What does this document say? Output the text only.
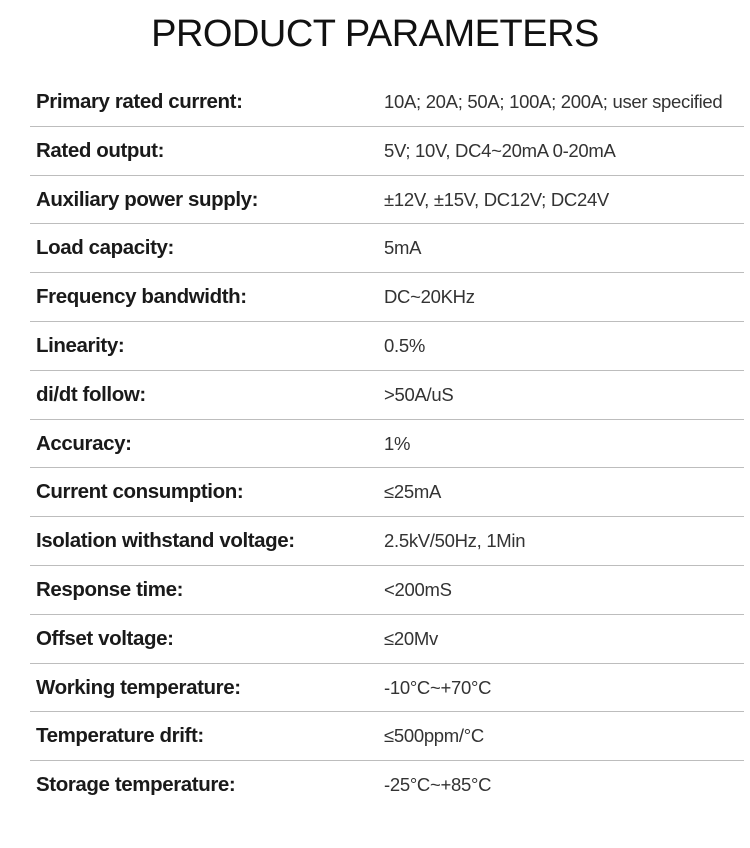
PRODUCT PARAMETERS
Primary rated current:	10A; 20A; 50A; 100A; 200A; user specified
Rated output:	5V; 10V, DC4~20mA 0-20mA
Auxiliary power supply:	±12V, ±15V, DC12V; DC24V
Load capacity:	5mA
Frequency bandwidth:	DC~20KHz
Linearity:	0.5%
di/dt follow:	>50A/uS
Accuracy:	1%
Current consumption:	≤25mA
Isolation withstand voltage:	2.5kV/50Hz, 1Min
Response time:	<200mS
Offset voltage:	≤20Mv
Working temperature:	-10°C~+70°C
Temperature drift:	≤500ppm/°C
Storage temperature:	-25°C~+85°C
